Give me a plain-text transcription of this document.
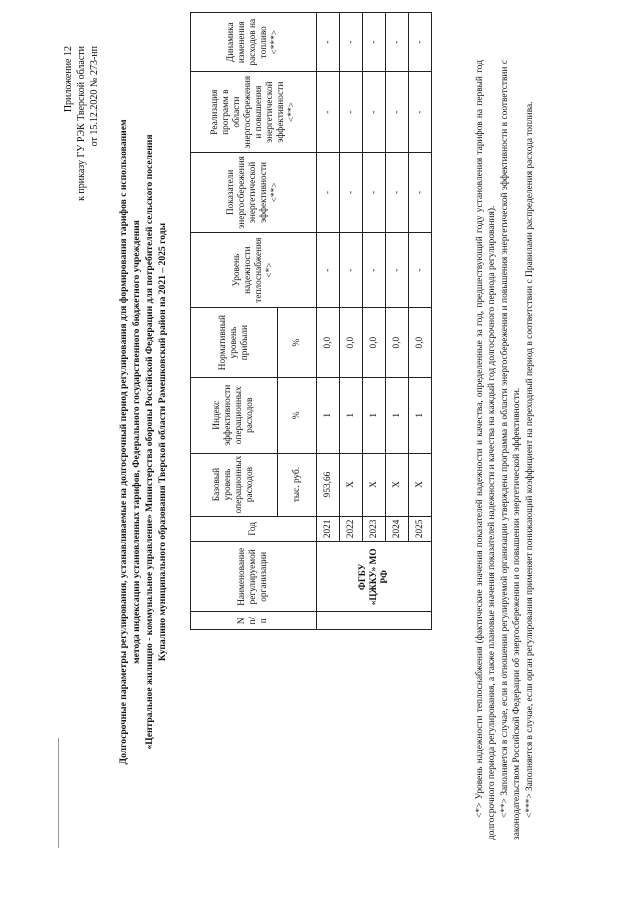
Приложение 12 к приказу ГУ РЭК Тверской области от 15.12.2020 № 273-нп
Долгосрочные параметры регулирования, устанавливаемые на долгосрочный период регулирования для формирования тарифов с использованием метода индексации установленных тарифов, Федерального государственного бюджетного учреждения «Центральное жилищно - коммунальное управление» Министерства обороны Российской Федерации для потребителей сельского поселения Купалино муниципального образования Тверской области Рамешковский район на 2021 – 2025 годы	N п/п	Наименование регулируемой организации	Год	Базовый уровень операционных расходов	Индекс эффективности операционных расходов	Нормативный уровень прибыли	Уровень надежности теплоснабжения <*>	Показатели энергосбережения энергетической эффективности <**>	Реализация программ в области энергосбережения и повышения энергетической эффективности <**>	Динамика изменения расходов на топливо <***>
			тыс. руб.	%	%				
	ФГБУ «ЦЖКУ» МО РФ	2021	953,66	1	0,0	-	-	-	-
		2022	X	1	0,0	-	-	-	-
		2023	X	1	0,0	-	-	-	-
		2024	X	1	0,0	-	-	-	-
		2025	X	1	0,0	-	-	-	-

<*> Уровень надежности теплоснабжения (фактические значения показателей надежности и качества, определенные за год, предшествующий году установления тарифов на первый год долгосрочного периода регулирования, а также плановые значения показателей надежности и качества на каждый год долгосрочного периода регулирования). <**> Заполняется в случае, если в отношении регулируемой организации утверждена программа в области энергосбережения и повышения энергетической эффективности в соответствии с законодательством Российской Федерации об энергосбережении и о повышении энергетической эффективности. <***> Заполняется в случае, если орган регулирования применяет понижающий коэффициент на переходный период в соответствии с Правилами распределения расхода топлива.
